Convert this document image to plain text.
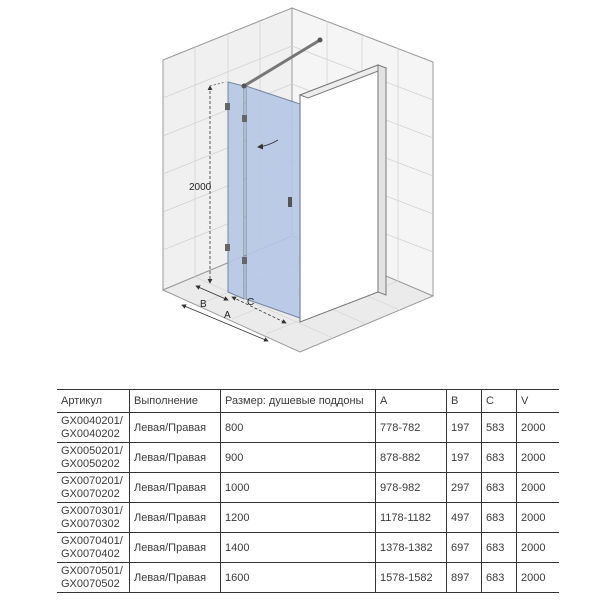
2000
B	C
A
Артикул	Выполнение	Размер: душевые поддоны	A	B	C	V

GX0040201/
GX0040202	Левая/Правая	800	778-782	197	583	2000

GX0050201/
GX0050202	Левая/Правая	900	878-882	197	683	2000

GX0070201/
GX0070202	Левая/Правая	1000	978-982	297	683	2000

GX0070301/
GX0070302	Левая/Правая	1200	1178-1182	497	683	2000

GX0070401/
GX0070402	Левая/Правая	1400	1378-1382	697	683	2000

GX0070501/
GX0070502	Левая/Правая	1600	1578-1582	897	683	2000
